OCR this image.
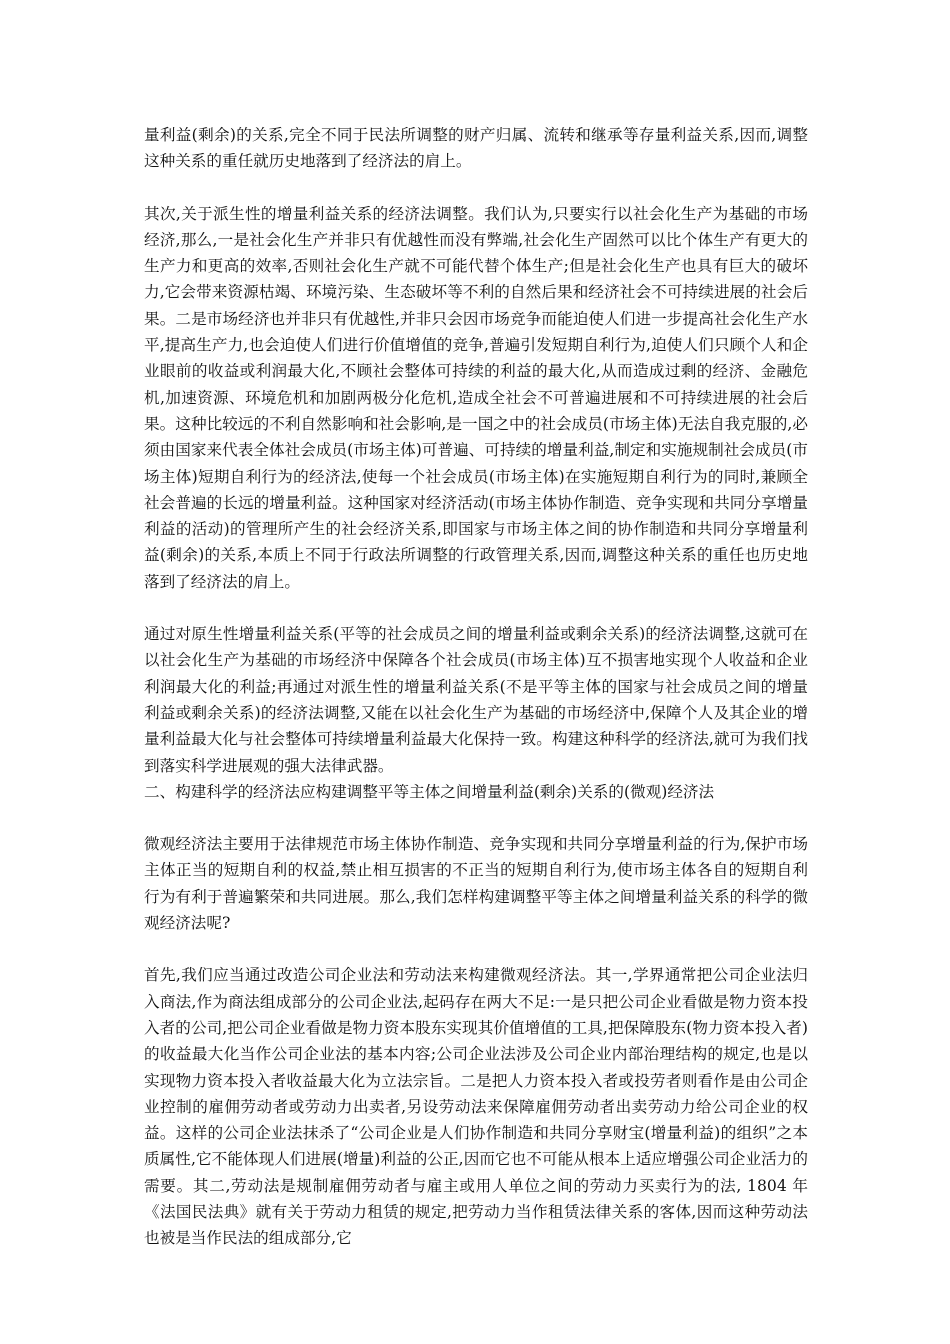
量利益(剩余)的关系,完全不同于民法所调整的财产归属、流转和继承等存量利益关系,因而,调整这种关系的重任就历史地落到了经济法的肩上。

其次,关于派生性的增量利益关系的经济法调整。我们认为,只要实行以社会化生产为基础的市场经济,那么,一是社会化生产并非只有优越性而没有弊端,社会化生产固然可以比个体生产有更大的生产力和更高的效率,否则社会化生产就不可能代替个体生产;但是社会化生产也具有巨大的破坏力,它会带来资源枯竭、环境污染、生态破坏等不利的自然后果和经济社会不可持续进展的社会后果。二是市场经济也并非只有优越性,并非只会因市场竞争而能迫使人们进一步提高社会化生产水平,提高生产力,也会迫使人们进行价值增值的竞争,普遍引发短期自利行为,迫使人们只顾个人和企业眼前的收益或利润最大化,不顾社会整体可持续的利益的最大化,从而造成过剩的经济、金融危机,加速资源、环境危机和加剧两极分化危机,造成全社会不可普遍进展和不可持续进展的社会后果。这种比较远的不利自然影响和社会影响,是一国之中的社会成员(市场主体)无法自我克服的,必须由国家来代表全体社会成员(市场主体)可普遍、可持续的增量利益,制定和实施规制社会成员(市场主体)短期自利行为的经济法,使每一个社会成员(市场主体)在实施短期自利行为的同时,兼顾全社会普遍的长远的增量利益。这种国家对经济活动(市场主体协作制造、竞争实现和共同分享增量利益的活动)的管理所产生的社会经济关系,即国家与市场主体之间的协作制造和共同分享增量利益(剩余)的关系,本质上不同于行政法所调整的行政管理关系,因而,调整这种关系的重任也历史地落到了经济法的肩上。

通过对原生性增量利益关系(平等的社会成员之间的增量利益或剩余关系)的经济法调整,这就可在以社会化生产为基础的市场经济中保障各个社会成员(市场主体)互不损害地实现个人收益和企业利润最大化的利益;再通过对派生性的增量利益关系(不是平等主体的国家与社会成员之间的增量利益或剩余关系)的经济法调整,又能在以社会化生产为基础的市场经济中,保障个人及其企业的增量利益最大化与社会整体可持续增量利益最大化保持一致。构建这种科学的经济法,就可为我们找到落实科学进展观的强大法律武器。

二、构建科学的经济法应构建调整平等主体之间增量利益(剩余)关系的(微观)经济法

微观经济法主要用于法律规范市场主体协作制造、竞争实现和共同分享增量利益的行为,保护市场主体正当的短期自利的权益,禁止相互损害的不正当的短期自利行为,使市场主体各自的短期自利行为有利于普遍繁荣和共同进展。那么,我们怎样构建调整平等主体之间增量利益关系的科学的微观经济法呢?

首先,我们应当通过改造公司企业法和劳动法来构建微观经济法。其一,学界通常把公司企业法归入商法,作为商法组成部分的公司企业法,起码存在两大不足:一是只把公司企业看做是物力资本投入者的公司,把公司企业看做是物力资本股东实现其价值增值的工具,把保障股东(物力资本投入者)的收益最大化当作公司企业法的基本内容;公司企业法涉及公司企业内部治理结构的规定,也是以实现物力资本投入者收益最大化为立法宗旨。二是把人力资本投入者或投劳者则看作是由公司企业控制的雇佣劳动者或劳动力出卖者,另设劳动法来保障雇佣劳动者出卖劳动力给公司企业的权益。这样的公司企业法抹杀了“公司企业是人们协作制造和共同分享财宝(增量利益)的组织”之本质属性,它不能体现人们进展(增量)利益的公正,因而它也不可能从根本上适应增强公司企业活力的需要。其二,劳动法是规制雇佣劳动者与雇主或用人单位之间的劳动力买卖行为的法, 1804 年《法国民法典》就有关于劳动力租赁的规定,把劳动力当作租赁法律关系的客体,因而这种劳动法也被是当作民法的组成部分,它
